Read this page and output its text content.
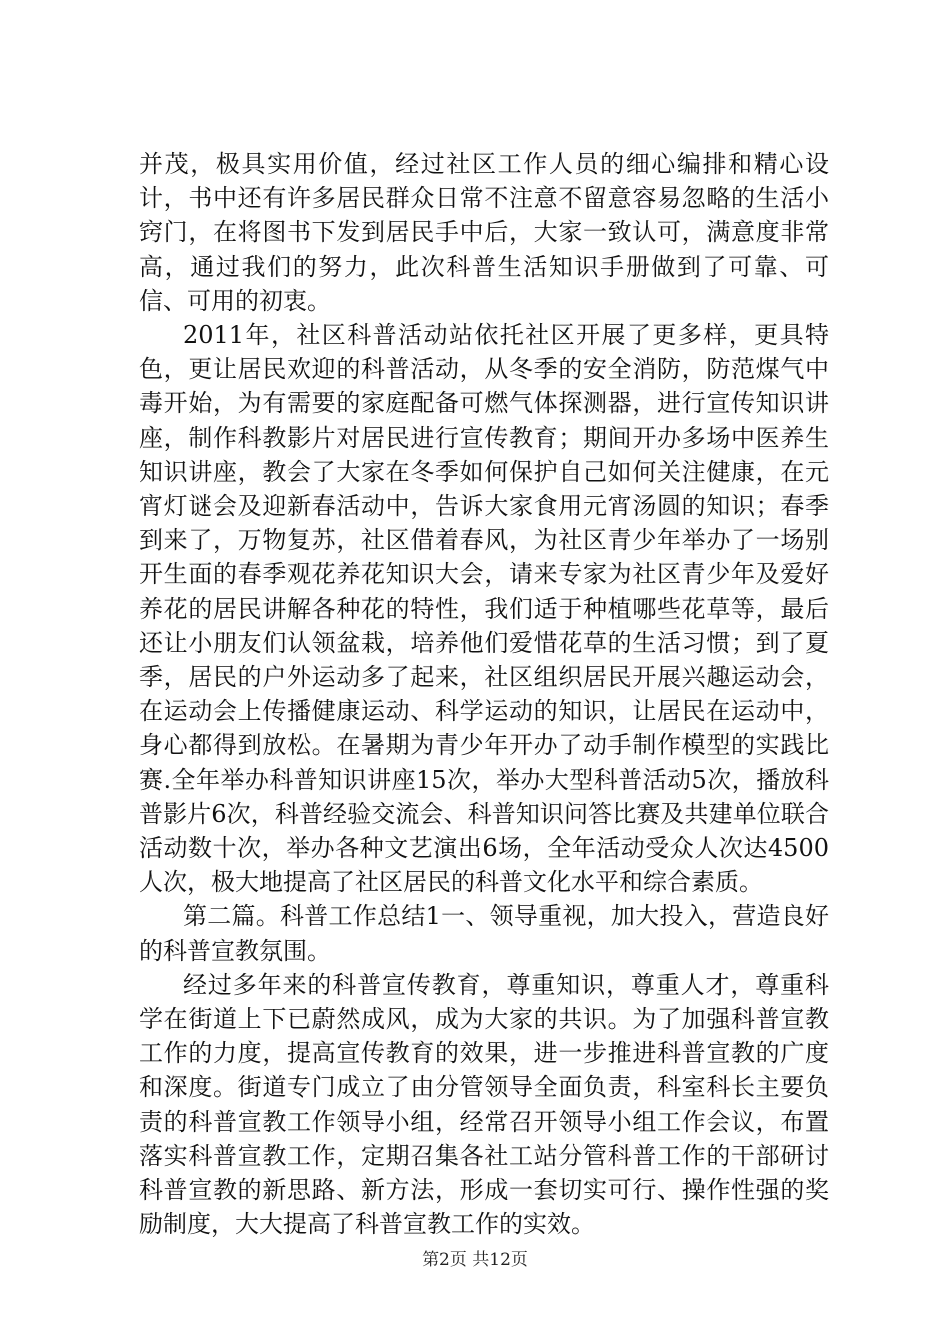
并茂，极具实用价值，经过社区工作人员的细心编排和精心设计，书中还有许多居民群众日常不注意不留意容易忽略的生活小窍门，在将图书下发到居民手中后，大家一致认可，满意度非常高，通过我们的努力，此次科普生活知识手册做到了可靠、可信、可用的初衷。

2011年，社区科普活动站依托社区开展了更多样，更具特色，更让居民欢迎的科普活动，从冬季的安全消防，防范煤气中毒开始，为有需要的家庭配备可燃气体探测器，进行宣传知识讲座，制作科教影片对居民进行宣传教育；期间开办多场中医养生知识讲座，教会了大家在冬季如何保护自己如何关注健康，在元宵灯谜会及迎新春活动中，告诉大家食用元宵汤圆的知识；春季到来了，万物复苏，社区借着春风，为社区青少年举办了一场别开生面的春季观花养花知识大会，请来专家为社区青少年及爱好养花的居民讲解各种花的特性，我们适于种植哪些花草等，最后还让小朋友们认领盆栽，培养他们爱惜花草的生活习惯；到了夏季，居民的户外运动多了起来，社区组织居民开展兴趣运动会，在运动会上传播健康运动、科学运动的知识，让居民在运动中，身心都得到放松。在暑期为青少年开办了动手制作模型的实践比赛.全年举办科普知识讲座15次，举办大型科普活动5次，播放科普影片6次，科普经验交流会、科普知识问答比赛及共建单位联合活动数十次，举办各种文艺演出6场，全年活动受众人次达4500人次，极大地提高了社区居民的科普文化水平和综合素质。

第二篇。科普工作总结1一、领导重视，加大投入，营造良好的科普宣教氛围。

经过多年来的科普宣传教育，尊重知识，尊重人才，尊重科学在街道上下已蔚然成风，成为大家的共识。为了加强科普宣教工作的力度，提高宣传教育的效果，进一步推进科普宣教的广度和深度。街道专门成立了由分管领导全面负责，科室科长主要负责的科普宣教工作领导小组，经常召开领导小组工作会议，布置落实科普宣教工作，定期召集各社工站分管科普工作的干部研讨科普宣教的新思路、新方法，形成一套切实可行、操作性强的奖励制度，大大提高了科普宣教工作的实效。

第2页 共12页
